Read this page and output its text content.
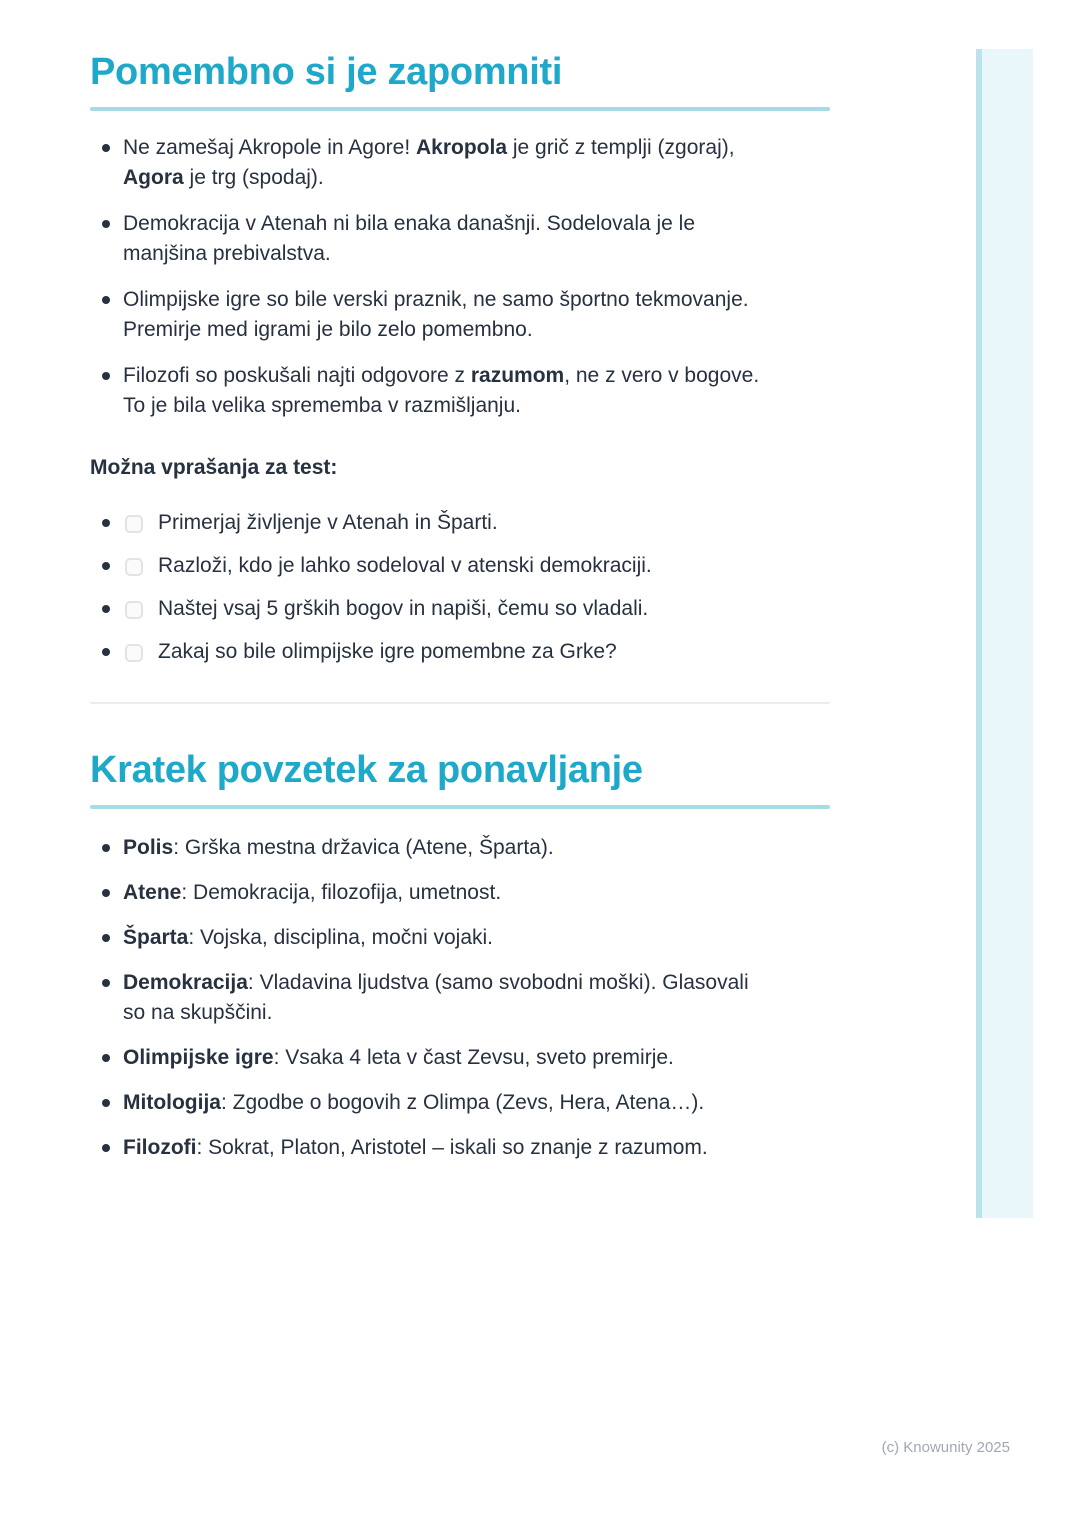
Pomembno si je zapomniti
Ne zamešaj Akropole in Agore! Akropola je grič z templji (zgoraj),
Agora je trg (spodaj).
Demokracija v Atenah ni bila enaka današnji. Sodelovala je le
manjšina prebivalstva.
Olimpijske igre so bile verski praznik, ne samo športno tekmovanje.
Premirje med igrami je bilo zelo pomembno.
Filozofi so poskušali najti odgovore z razumom, ne z vero v bogove.
To je bila velika sprememba v razmišljanju.
Možna vprašanja za test:
Primerjaj življenje v Atenah in Šparti.
Razloži, kdo je lahko sodeloval v atenski demokraciji.
Naštej vsaj 5 grških bogov in napiši, čemu so vladali.
Zakaj so bile olimpijske igre pomembne za Grke?
Kratek povzetek za ponavljanje
Polis: Grška mestna državica (Atene, Šparta).
Atene: Demokracija, filozofija, umetnost.
Šparta: Vojska, disciplina, močni vojaki.
Demokracija: Vladavina ljudstva (samo svobodni moški). Glasovali
so na skupščini.
Olimpijske igre: Vsaka 4 leta v čast Zevsu, sveto premirje.
Mitologija: Zgodbe o bogovih z Olimpa (Zevs, Hera, Atena…).
Filozofi: Sokrat, Platon, Aristotel – iskali so znanje z razumom.
(c) Knowunity 2025
